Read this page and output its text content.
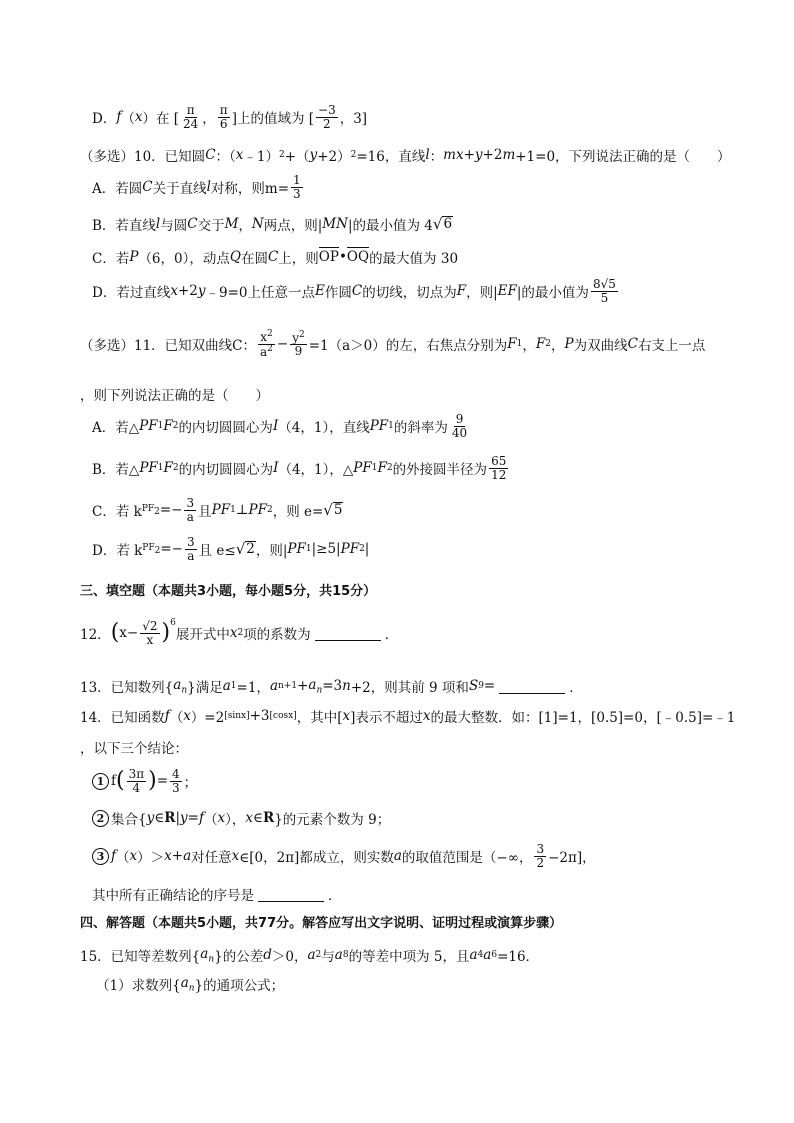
D． f （ x ）在 [ $\frac{\pi}{24}$ ， $\frac{\pi}{6}$ ]上的值域为 [ $\frac{-3}{2}$ ，3]
（多选）10．已知圆 C ：（ x ﹣1） 2 +（ y +2） 2 =16，直线 l ： mx + y +2 m +1=0，下列说法正确的是（　　）
A．若圆 C 关于直线 l 对称，则$m= \frac{1}{3}$
B．若直线 l 与圆 C 交于 M ， N 两点，则| MN |的最小值为 4 √ 6
C．若 P （6，0），动点 Q 在圆 C 上，则 OP • OQ 的最大值为 30
D．若过直线 x +2 y ﹣9=0上任意一点 E 作圆 C 的切线，切点为 F ，则| EF |的最小值为 $\frac{8√5}{5}$
（多选）11．已知双曲线C： $\frac{x^2}{a^2} - \frac{y^2}{9} =1(a>0)$的左，右焦点分别为 F 1 ， F 2 ， P 为双曲线 C 右支上一点
，则下列说法正确的是（　　）
A．若△ PF 1 F 2 的内切圆圆心为 I （4，1），直线 PF 1 的斜率为 $\frac{9}{40}$
B．若△ PF 1 F 2 的内切圆圆心为 I （4，1），△ PF 1 F 2 的外接圆半径为 $\frac{65}{12}$
C．若 k $PF_2 =- \frac{3}{a}$ 且 PF 1 ⊥ PF 2 ，则 e= √ 5
D．若 k $PF_2 =- \frac{3}{a}$ 且 e≤ √ 2 ，则| PF 1 |≥5| PF 2 |
三、填空题（本题共3小题，每小题5分，共15分）
12． ( $x- \frac{√2}{x} )^6$
展开式中 x 2 项的系数为	．
13．已知数列{ $a_n$ }满足 a 1 =1， a $n+1 + a_n =3$ n +2，则其前 9 项和 S 9 =	．
14．已知函数 f （ x ）=2 [sinx] +3 [cosx] ，其中[ x ]表示不超过 x 的最大整数．如：[1]=1，[0.5]=0，[﹣0.5]=﹣1
，以下三个结论：
1 f ( $\frac{3\pi}{4}$ ) = $\frac{4}{3}$ ；
2 集合{ y ∈ R | y = f （ x ）， x ∈ R }的元素个数为 9；
3 f （ x ）＞ x + a 对任意 x ∈[0，2π]都成立，则实数 a 的取值范围是（−∞， $\frac{3}{2} -2\pi$]，
其中所有正确结论的序号是	．
四、解答题（本题共5小题，共77分。解答应写出文字说明、证明过程或演算步骤）
15．已知等差数列{ $a_n$ }的公差 d ＞0， a 2 与 a 8 的等差中项为 5，且 a 4 a 6 =16．
（1）求数列{ $a_n$ }的通项公式；
